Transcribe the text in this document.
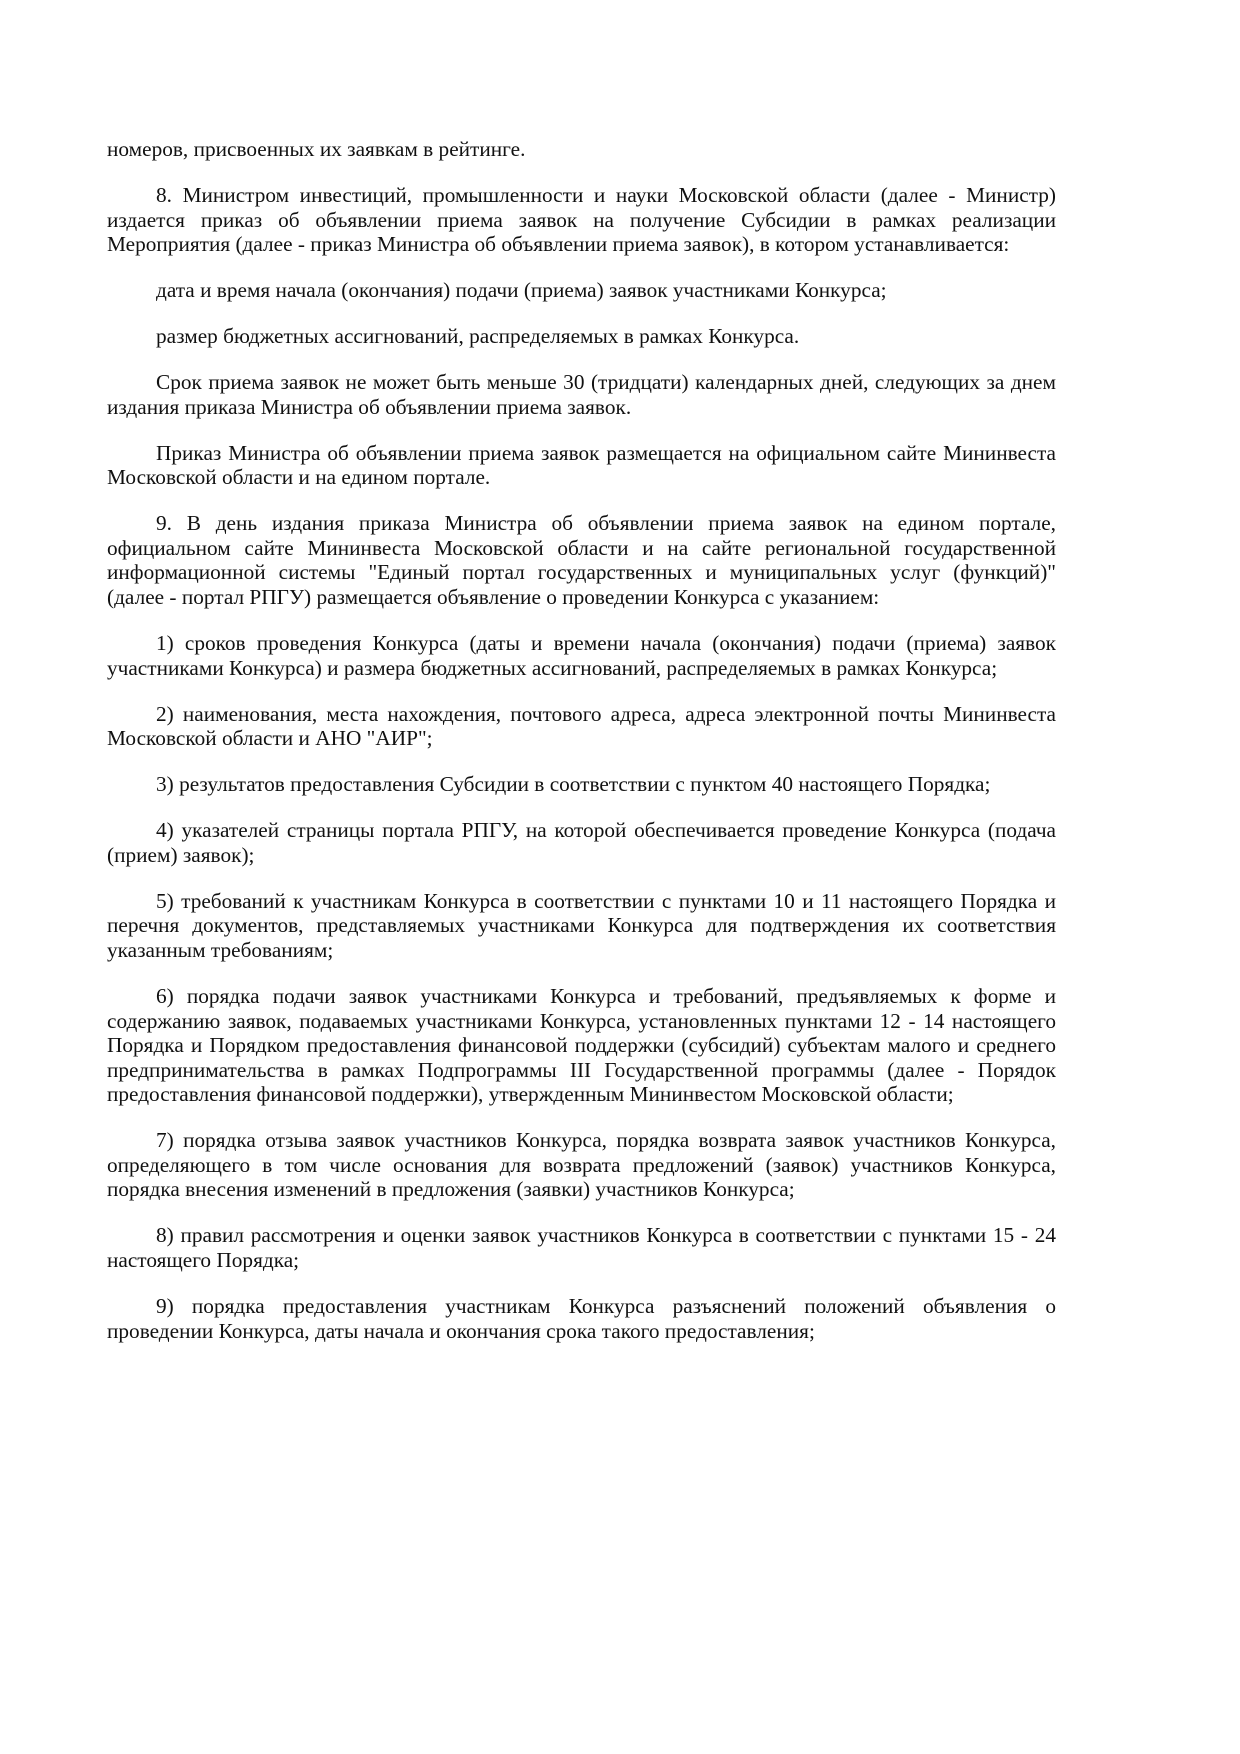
номеров, присвоенных их заявкам в рейтинге.

8. Министром инвестиций, промышленности и науки Московской области (далее - Министр) издается приказ об объявлении приема заявок на получение Субсидии в рамках реализации Мероприятия (далее - приказ Министра об объявлении приема заявок), в котором устанавливается:

дата и время начала (окончания) подачи (приема) заявок участниками Конкурса;

размер бюджетных ассигнований, распределяемых в рамках Конкурса.

Срок приема заявок не может быть меньше 30 (тридцати) календарных дней, следующих за днем издания приказа Министра об объявлении приема заявок.

Приказ Министра об объявлении приема заявок размещается на официальном сайте Мининвеста Московской области и на едином портале.

9. В день издания приказа Министра об объявлении приема заявок на едином портале, официальном сайте Мининвеста Московской области и на сайте региональной государственной информационной системы "Единый портал государственных и муниципальных услуг (функций)" (далее - портал РПГУ) размещается объявление о проведении Конкурса с указанием:

1) сроков проведения Конкурса (даты и времени начала (окончания) подачи (приема) заявок участниками Конкурса) и размера бюджетных ассигнований, распределяемых в рамках Конкурса;

2) наименования, места нахождения, почтового адреса, адреса электронной почты Мининвеста Московской области и АНО "АИР";

3) результатов предоставления Субсидии в соответствии с пунктом 40 настоящего Порядка;

4) указателей страницы портала РПГУ, на которой обеспечивается проведение Конкурса (подача (прием) заявок);

5) требований к участникам Конкурса в соответствии с пунктами 10 и 11 настоящего Порядка и перечня документов, представляемых участниками Конкурса для подтверждения их соответствия указанным требованиям;

6) порядка подачи заявок участниками Конкурса и требований, предъявляемых к форме и содержанию заявок, подаваемых участниками Конкурса, установленных пунктами 12 - 14 настоящего Порядка и Порядком предоставления финансовой поддержки (субсидий) субъектам малого и среднего предпринимательства в рамках Подпрограммы III Государственной программы (далее - Порядок предоставления финансовой поддержки), утвержденным Мининвестом Московской области;

7) порядка отзыва заявок участников Конкурса, порядка возврата заявок участников Конкурса, определяющего в том числе основания для возврата предложений (заявок) участников Конкурса, порядка внесения изменений в предложения (заявки) участников Конкурса;

8) правил рассмотрения и оценки заявок участников Конкурса в соответствии с пунктами 15 - 24 настоящего Порядка;

9) порядка предоставления участникам Конкурса разъяснений положений объявления о проведении Конкурса, даты начала и окончания срока такого предоставления;
